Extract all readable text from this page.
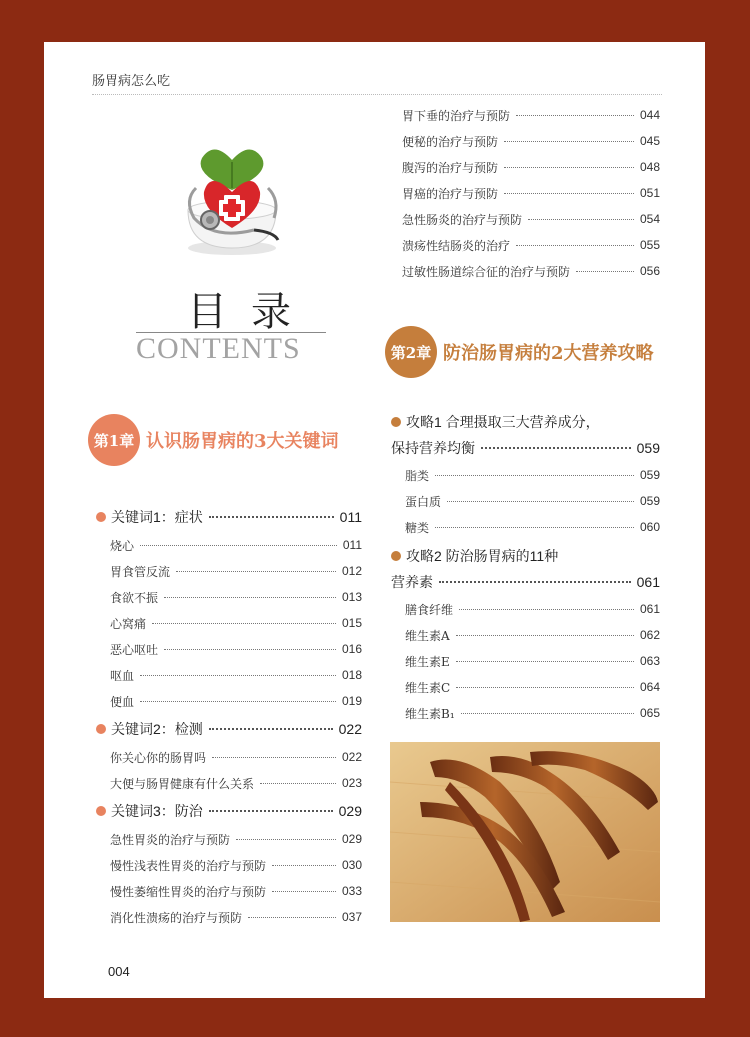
肠胃病怎么吃
目录
CONTENTS
第1章 认识肠胃病的3大关键词
关键词1：症状	011
烧心	011
胃食管反流	012
食欲不振	013
心窝痛	015
恶心呕吐	016
呕血	018
便血	019
关键词2：检测	022
你关心你的肠胃吗	022
大便与肠胃健康有什么关系	023
关键词3：防治	029
急性胃炎的治疗与预防	029
慢性浅表性胃炎的治疗与预防	030
慢性萎缩性胃炎的治疗与预防	033
消化性溃疡的治疗与预防	037
胃下垂的治疗与预防	044
便秘的治疗与预防	045
腹泻的治疗与预防	048
胃癌的治疗与预防	051
急性肠炎的治疗与预防	054
溃疡性结肠炎的治疗	055
过敏性肠道综合征的治疗与预防	056
第2章 防治肠胃病的2大营养攻略
攻略1 合理摄取三大营养成分，
保持营养均衡	059
脂类	059
蛋白质	059
糖类	060
攻略2 防治肠胃病的11种
营养素	061
膳食纤维	061
维生素A	062
维生素E	063
维生素C	064
维生素B₁	065
004
